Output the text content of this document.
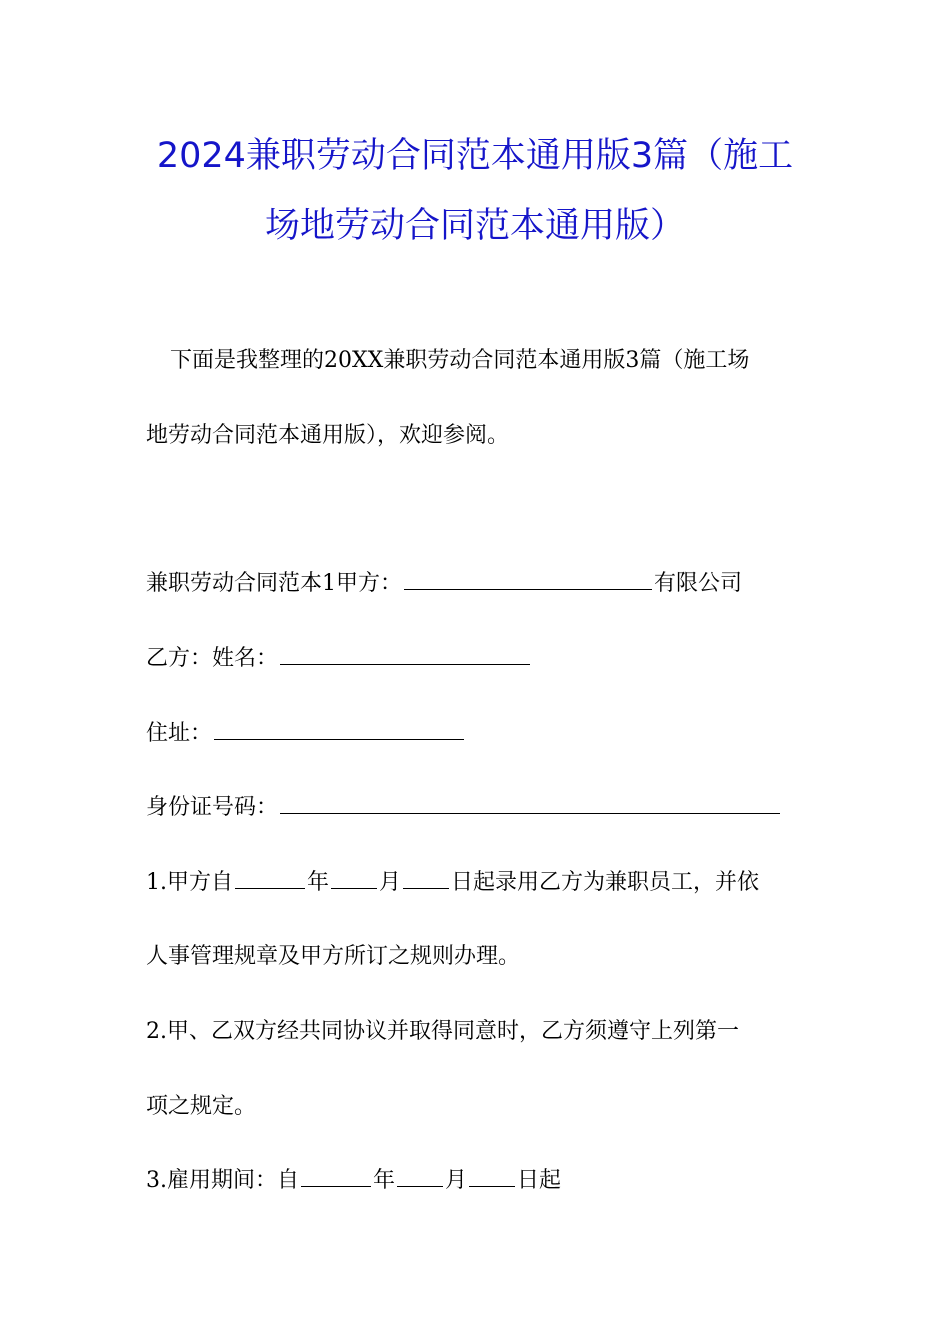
2024兼职劳动合同范本通用版3篇（施工
场地劳动合同范本通用版）
下面是我整理的20XX兼职劳动合同范本通用版3篇（施工场
地劳动合同范本通用版），欢迎参阅。
兼职劳动合同范本1甲方：	有限公司
乙方：姓名：
住址：
身份证号码：
1.甲方自	年 月 日起录用乙方为兼职员工，并依
人事管理规章及甲方所订之规则办理。
2.甲、乙双方经共同协议并取得同意时，乙方须遵守上列第一
项之规定。
3.雇用期间：自	年 月 日起
